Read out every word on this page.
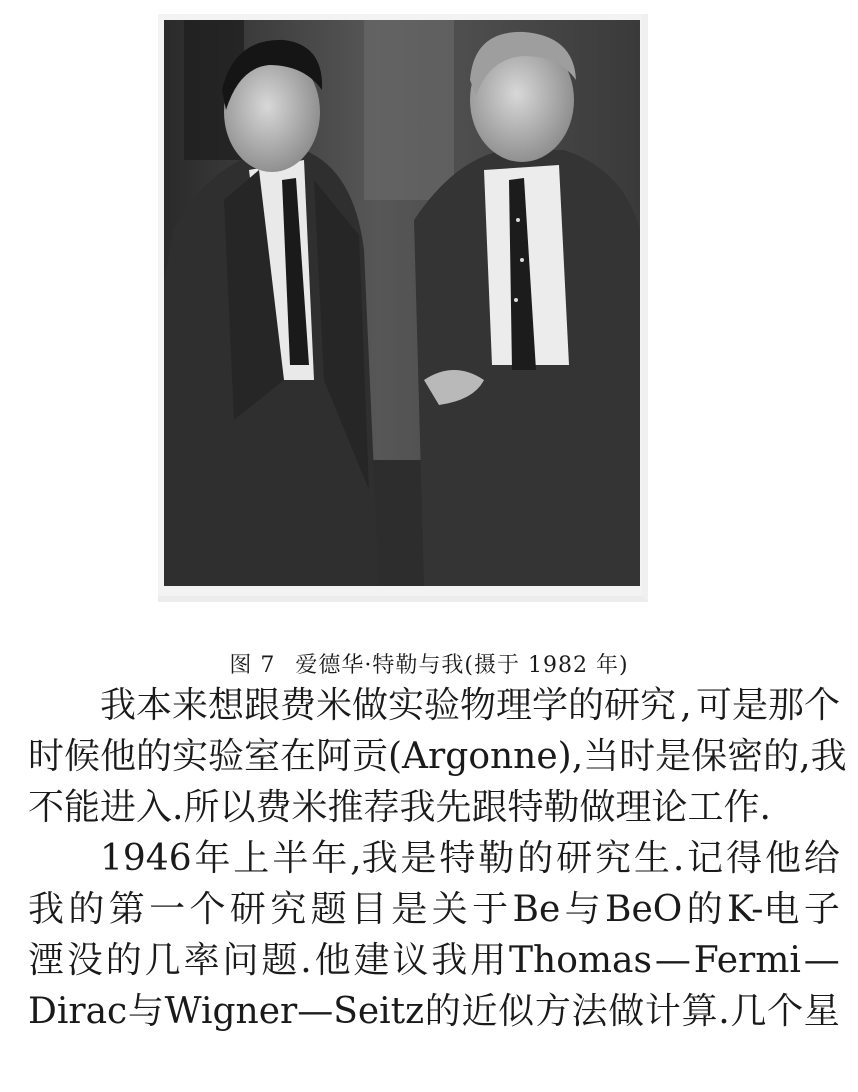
图 7 爱德华·特勒与我(摄于 1982 年)
我本来想跟费米做实验物理学的研究 , 可是那个
时候他的实验室在阿贡 (Argonne) ,当时是保密的 ,我
不能进入 .所以费米推荐我先跟特勒做理论工作.
1946 年 上 半 年 ,我 是 特 勒 的 研 究 生 . 记 得 他 给
我 的 第 一 个 研 究 题 目 是 关 于 Be 与 BeO 的 K-电 子
湮 没 的 几 率 问 题 . 他 建 议 我 用 Thomas — Fermi —
Dirac 与 Wigner—Seitz 的 近 似 方 法 做 计 算 . 几 个 星
